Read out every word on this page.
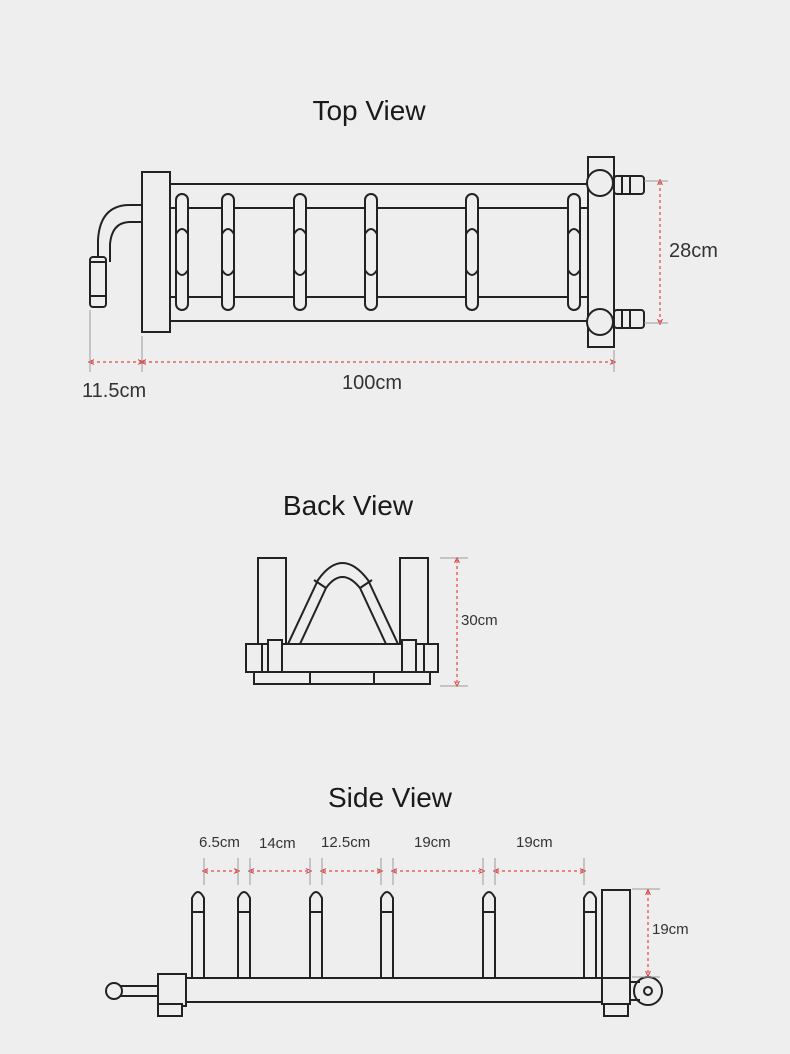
Top View
Back View
Side View
28cm
100cm
11.5cm
30cm
6.5cm 14cm 12.5cm	19cm	19cm
19cm
